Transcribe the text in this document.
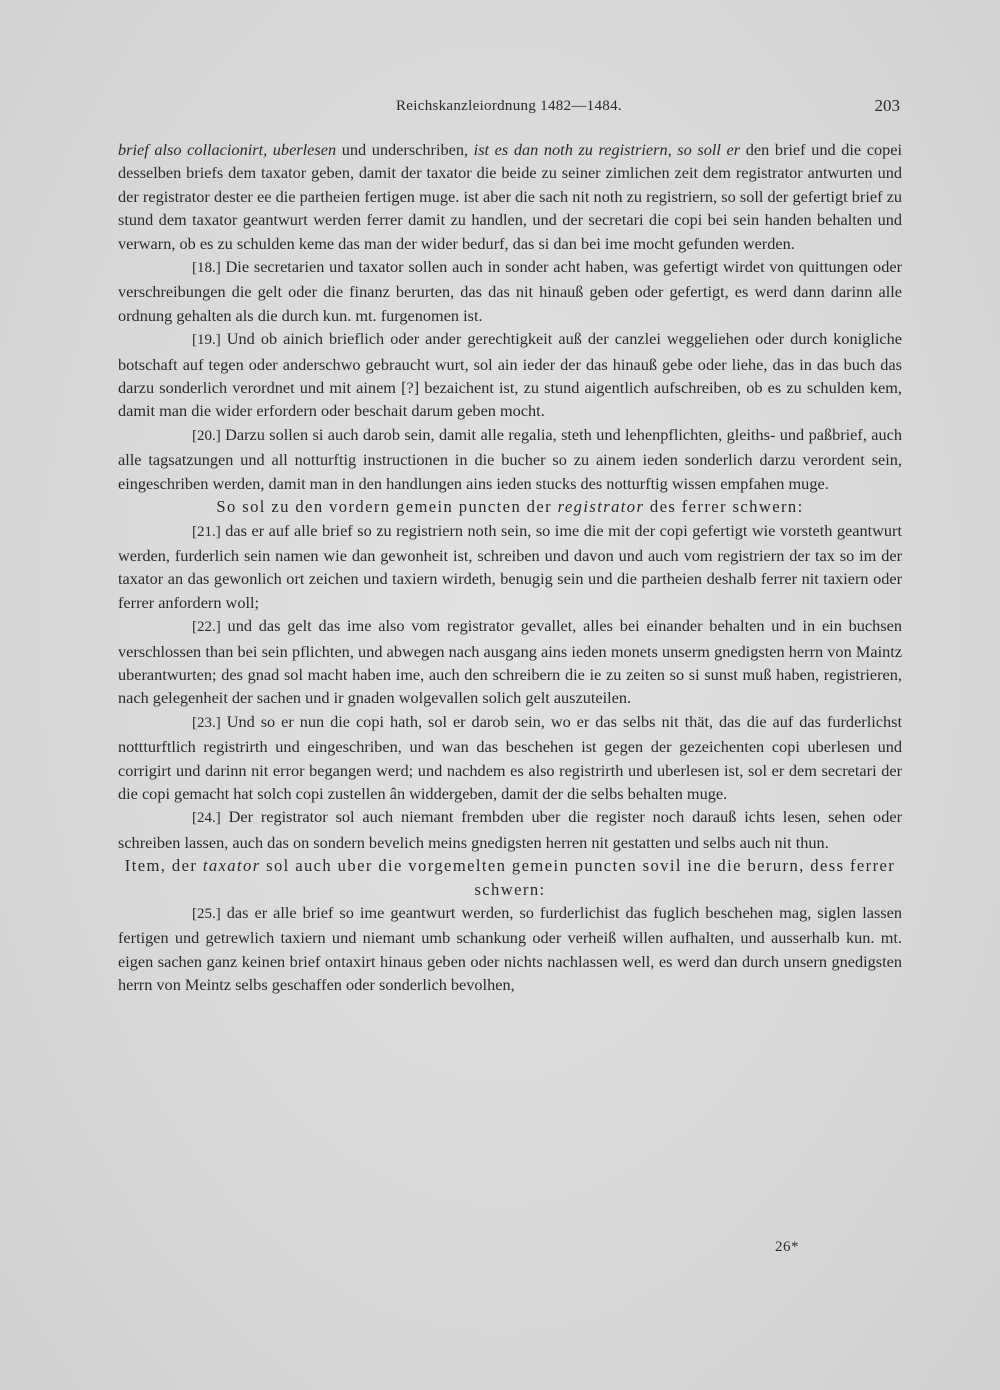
Reichskanzleiordnung 1482—1484.	203

brief also collacionirt, uberlesen und underschriben, ist es dan noth zu registriern, so soll er den brief und die copei desselben briefs dem taxator geben, damit der taxator die beide zu seiner zimlichen zeit dem registrator antwurten und der registrator dester ee die partheien fertigen muge. ist aber die sach nit noth zu registriern, so soll der gefertigt brief zu stund dem taxator geantwurt werden ferrer damit zu handlen, und der secretari die copi bei sein handen behalten und verwarn, ob es zu schulden keme das man der wider bedurf, das si dan bei ime mocht gefunden werden.

[18.] Die secretarien und taxator sollen auch in sonder acht haben, was gefertigt wirdet von quittungen oder verschreibungen die gelt oder die finanz berurten, das das nit hinauß geben oder gefertigt, es werd dann darinn alle ordnung gehalten als die durch kun. mt. furgenomen ist.

[19.] Und ob ainich brieflich oder ander gerechtigkeit auß der canzlei weggeliehen oder durch konigliche botschaft auf tegen oder anderschwo gebraucht wurt, sol ain ieder der das hinauß gebe oder liehe, das in das buch das darzu sonderlich verordnet und mit ainem [?] bezaichent ist, zu stund aigentlich aufschreiben, ob es zu schulden kem, damit man die wider erfordern oder beschait darum geben mocht.

[20.] Darzu sollen si auch darob sein, damit alle regalia, steth und lehenpflichten, gleiths- und paßbrief, auch alle tagsatzungen und all notturftig instructionen in die bucher so zu ainem ieden sonderlich darzu verordent sein, eingeschriben werden, damit man in den handlungen ains ieden stucks des notturftig wissen empfahen muge.

So sol zu den vordern gemein puncten der registrator des ferrer schwern:

[21.] das er auf alle brief so zu registriern noth sein, so ime die mit der copi gefertigt wie vorsteth geantwurt werden, furderlich sein namen wie dan gewonheit ist, schreiben und davon und auch vom registriern der tax so im der taxator an das gewonlich ort zeichen und taxiern wirdeth, benugig sein und die partheien deshalb ferrer nit taxiern oder ferrer anfordern woll;

[22.] und das gelt das ime also vom registrator gevallet, alles bei einander behalten und in ein buchsen verschlossen than bei sein pflichten, und abwegen nach ausgang ains ieden monets unserm gnedigsten herrn von Maintz uberantwurten; des gnad sol macht haben ime, auch den schreibern die ie zu zeiten so si sunst muß haben, registrieren, nach gelegenheit der sachen und ir gnaden wolgevallen solich gelt auszuteilen.

[23.] Und so er nun die copi hath, sol er darob sein, wo er das selbs nit thät, das die auf das furderlichst nottturftlich registrirth und eingeschriben, und wan das beschehen ist gegen der gezeichenten copi uberlesen und corrigirt und darinn nit error begangen werd; und nachdem es also registrirth und uberlesen ist, sol er dem secretari der die copi gemacht hat solch copi zustellen ân widdergeben, damit der die selbs behalten muge.

[24.] Der registrator sol auch niemant frembden uber die register noch darauß ichts lesen, sehen oder schreiben lassen, auch das on sondern bevelich meins gnedigsten herren nit gestatten und selbs auch nit thun.

Item, der taxator sol auch uber die vorgemelten gemein puncten sovil ine die berurn, dess ferrer schwern:

[25.] das er alle brief so ime geantwurt werden, so furderlichist das fuglich beschehen mag, siglen lassen fertigen und getrewlich taxiern und niemant umb schankung oder verheiß willen aufhalten, und ausserhalb kun. mt. eigen sachen ganz keinen brief ontaxirt hinaus geben oder nichts nachlassen well, es werd dan durch unsern gnedigsten herrn von Meintz selbs geschaffen oder sonderlich bevolhen,

26*
